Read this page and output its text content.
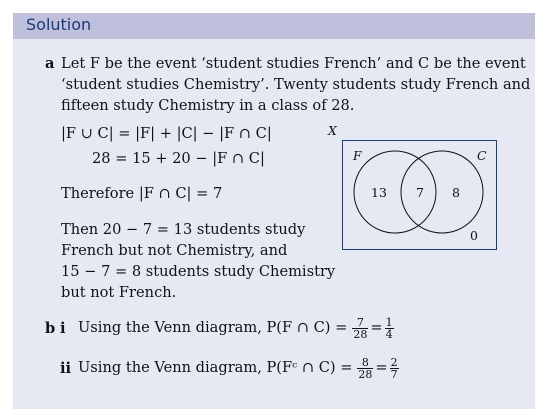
Solution
a Let F be the event ‘student studies French’ and C be the event
‘student studies Chemistry’. Twenty students study French and
fifteen study Chemistry in a class of 28.
|F ∪ C| = |F| + |C| − |F ∩ C|
28 = 15 + 20 − |F ∩ C|
Therefore |F ∩ C| = 7
Then 20 − 7 = 13 students study
French but not Chemistry, and
15 − 7 = 8 students study Chemistry
but not French.
X
F	C
13	7	8
0
b i Using the Venn diagram, P(F ∩ $C) = \frac{7}{28} = \frac{1}{4}$
ii Using the Venn diagram, P(Fᶜ ∩ $C) = \frac{8}{28} = \frac{2}{7}$
